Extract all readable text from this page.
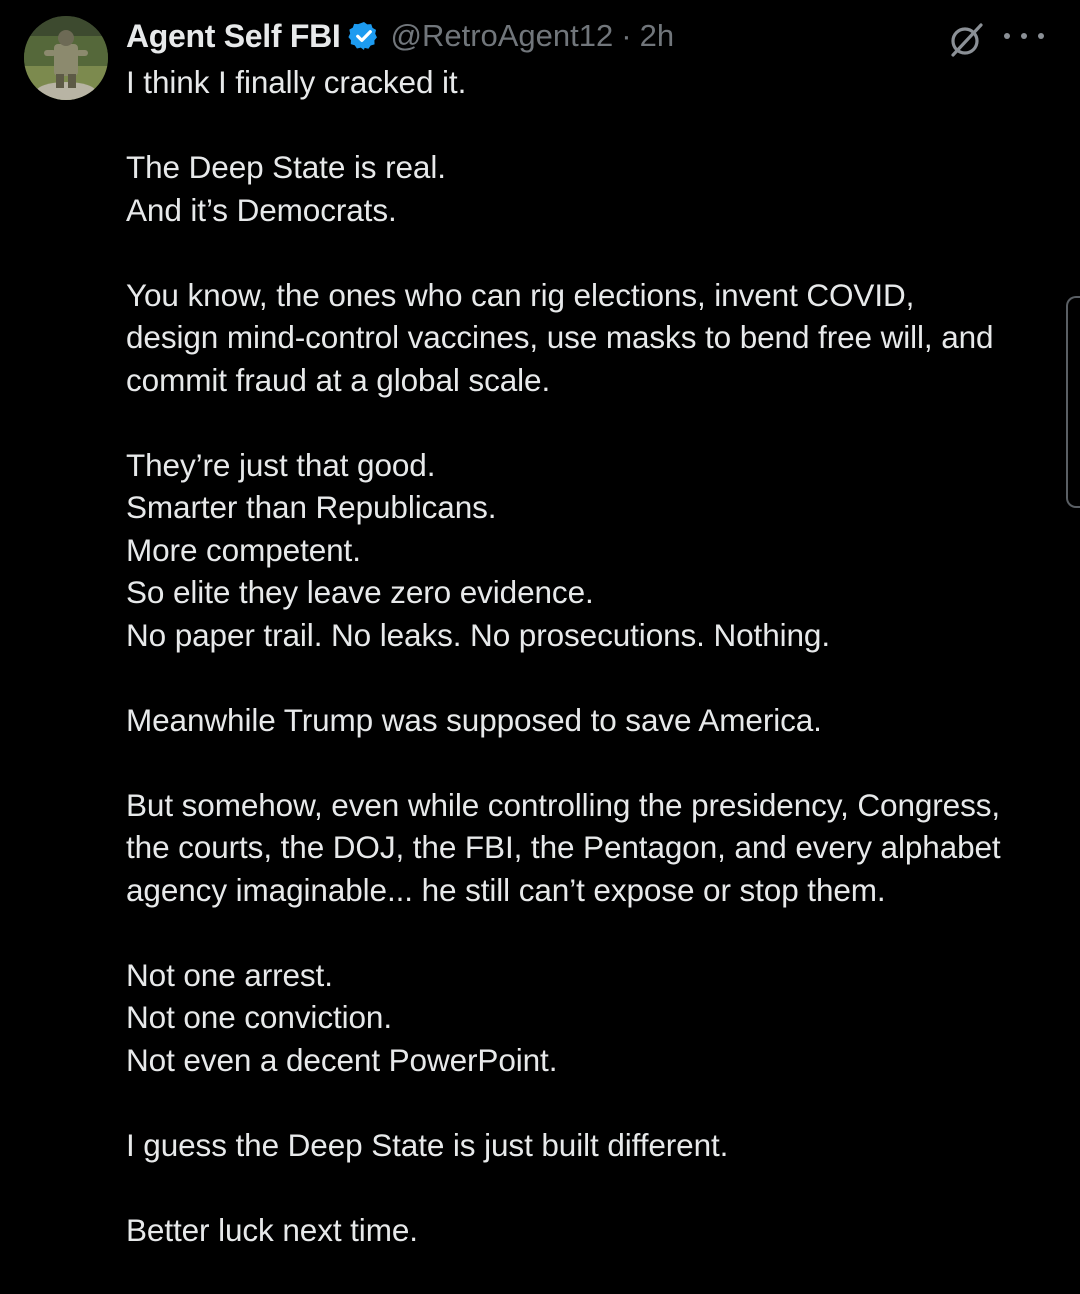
Agent Self FBI @RetroAgent12 · 2h
I think I finally cracked it.
The Deep State is real.
And it’s Democrats.
You know, the ones who can rig elections, invent COVID,
design mind-control vaccines, use masks to bend free will, and
commit fraud at a global scale.
They’re just that good.
Smarter than Republicans.
More competent.
So elite they leave zero evidence.
No paper trail. No leaks. No prosecutions. Nothing.
Meanwhile Trump was supposed to save America.
But somehow, even while controlling the presidency, Congress,
the courts, the DOJ, the FBI, the Pentagon, and every alphabet
agency imaginable... he still can’t expose or stop them.
Not one arrest.
Not one conviction.
Not even a decent PowerPoint.
I guess the Deep State is just built different.
Better luck next time.
